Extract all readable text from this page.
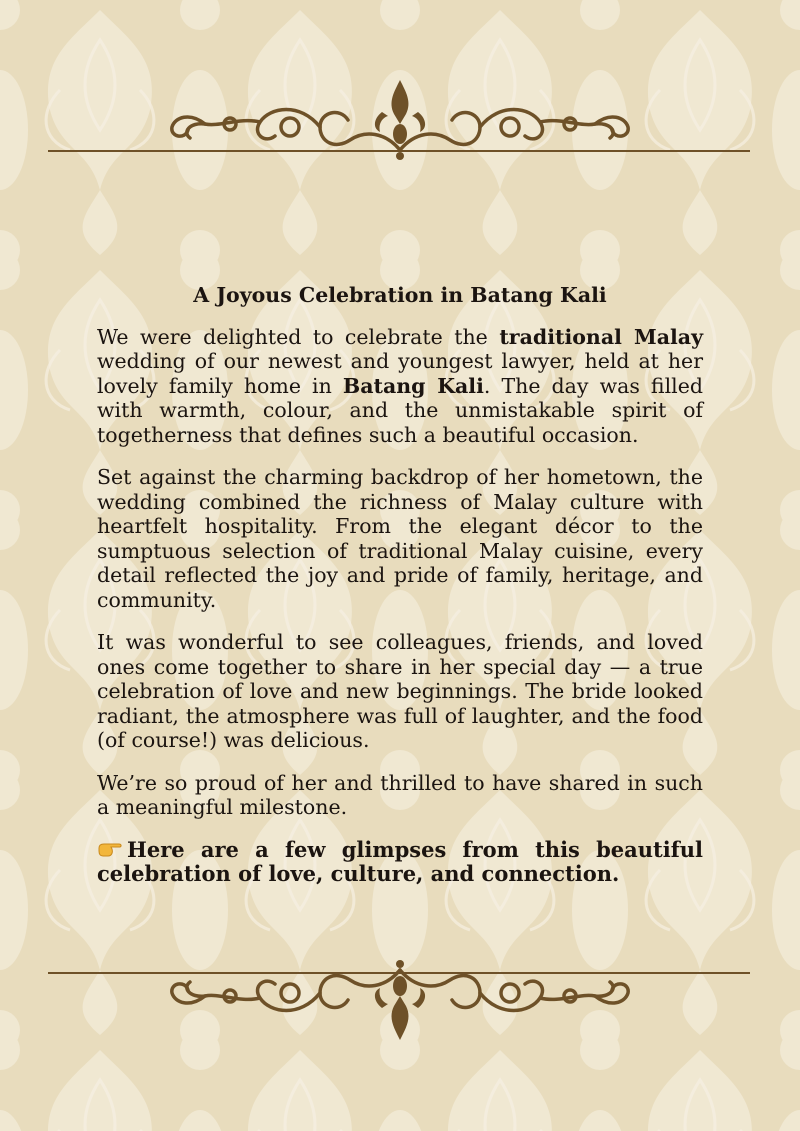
A Joyous Celebration in Batang Kali

We were delighted to celebrate the traditional Malay wedding of our newest and youngest lawyer, held at her lovely family home in Batang Kali. The day was filled with warmth, colour, and the unmistakable spirit of togetherness that defines such a beautiful occasion.

Set against the charming backdrop of her hometown, the wedding combined the richness of Malay culture with heartfelt hospitality. From the elegant décor to the sumptuous selection of traditional Malay cuisine, every detail reflected the joy and pride of family, heritage, and community.

It was wonderful to see colleagues, friends, and loved ones come together to share in her special day — a true celebration of love and new beginnings. The bride looked radiant, the atmosphere was full of laughter, and the food (of course!) was delicious.

We’re so proud of her and thrilled to have shared in such a meaningful milestone.

Here are a few glimpses from this beautiful celebration of love, culture, and connection.
